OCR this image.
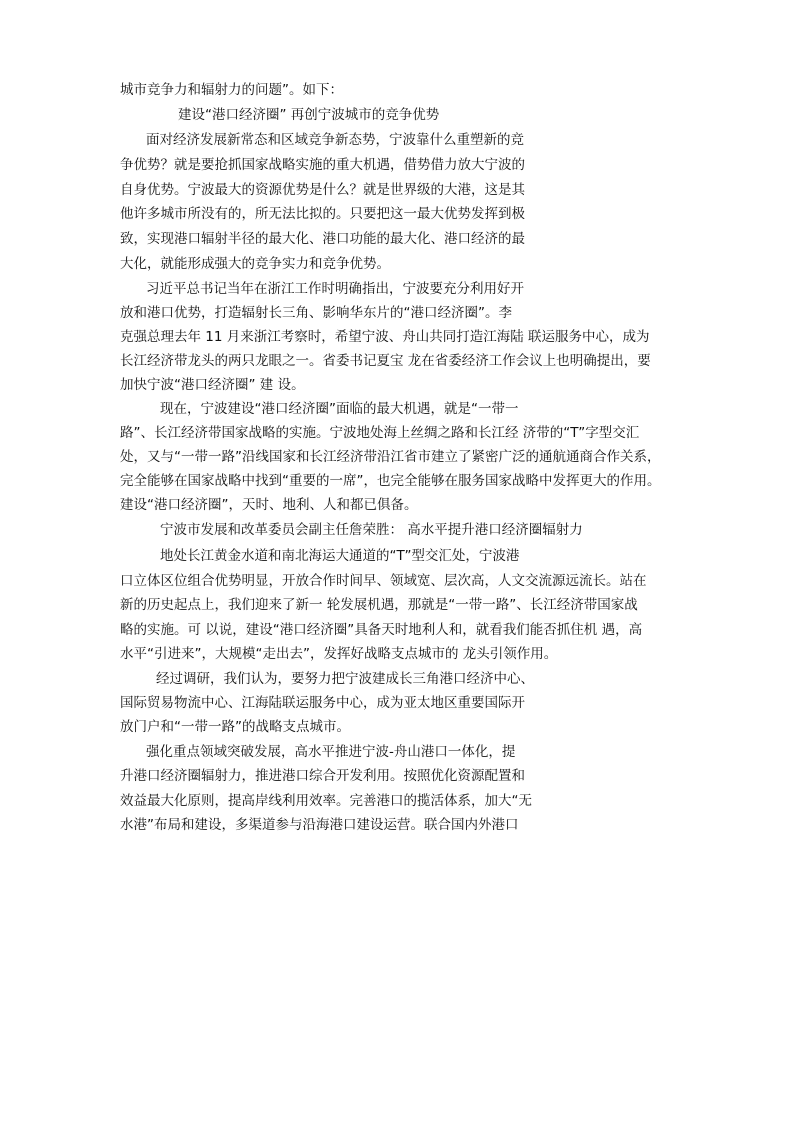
城市竞争力和辐射力的问题”。如下：

建设“港口经济圈” 再创宁波城市的竞争优势

面对经济发展新常态和区域竞争新态势，宁波靠什么重塑新的竞

争优势？就是要抢抓国家战略实施的重大机遇，借势借力放大宁波的

自身优势。宁波最大的资源优势是什么？就是世界级的大港，这是其

他许多城市所没有的，所无法比拟的。只要把这一最大优势发挥到极

致，实现港口辐射半径的最大化、港口功能的最大化、港口经济的最

大化，就能形成强大的竞争实力和竞争优势。

习近平总书记当年在浙江工作时明确指出，宁波要充分利用好开

放和港口优势，打造辐射长三角、影响华东片的“港口经济圈”。李

克强总理去年 11 月来浙江考察时，希望宁波、舟山共同打造江海陆 联运服务中心，成为

长江经济带龙头的两只龙眼之一。省委书记夏宝 龙在省委经济工作会议上也明确提出，要

加快宁波“港口经济圈” 建 设。

现在，宁波建设“港口经济圈”面临的最大机遇，就是“一带一

路”、长江经济带国家战略的实施。宁波地处海上丝绸之路和长江经 济带的“T”字型交汇

处，又与“一带一路”沿线国家和长江经济带沿江省市建立了紧密广泛的通航通商合作关系，

完全能够在国家战略中找到“重要的一席”，也完全能够在服务国家战略中发挥更大的作用。

建设“港口经济圈”，天时、地利、人和都已俱备。

宁波市发展和改革委员会副主任詹荣胜： 高水平提升港口经济圈辐射力

地处长江黄金水道和南北海运大通道的“T”型交汇处，宁波港

口立体区位组合优势明显，开放合作时间早、领域宽、层次高，人文交流源远流长。站在

新的历史起点上，我们迎来了新一 轮发展机遇，那就是“一带一路”、长江经济带国家战

略的实施。可 以说，建设“港口经济圈”具备天时地利人和，就看我们能否抓住机 遇，高

水平“引进来”，大规模“走出去”，发挥好战略支点城市的 龙头引领作用。

经过调研，我们认为，要努力把宁波建成长三角港口经济中心、

国际贸易物流中心、江海陆联运服务中心，成为亚太地区重要国际开

放门户和“一带一路”的战略支点城市。

强化重点领域突破发展，高水平推进宁波-舟山港口一体化，提

升港口经济圈辐射力，推进港口综合开发利用。按照优化资源配置和

效益最大化原则，提高岸线利用效率。完善港口的揽活体系，加大“无

水港”布局和建设，多渠道参与沿海港口建设运营。联合国内外港口
